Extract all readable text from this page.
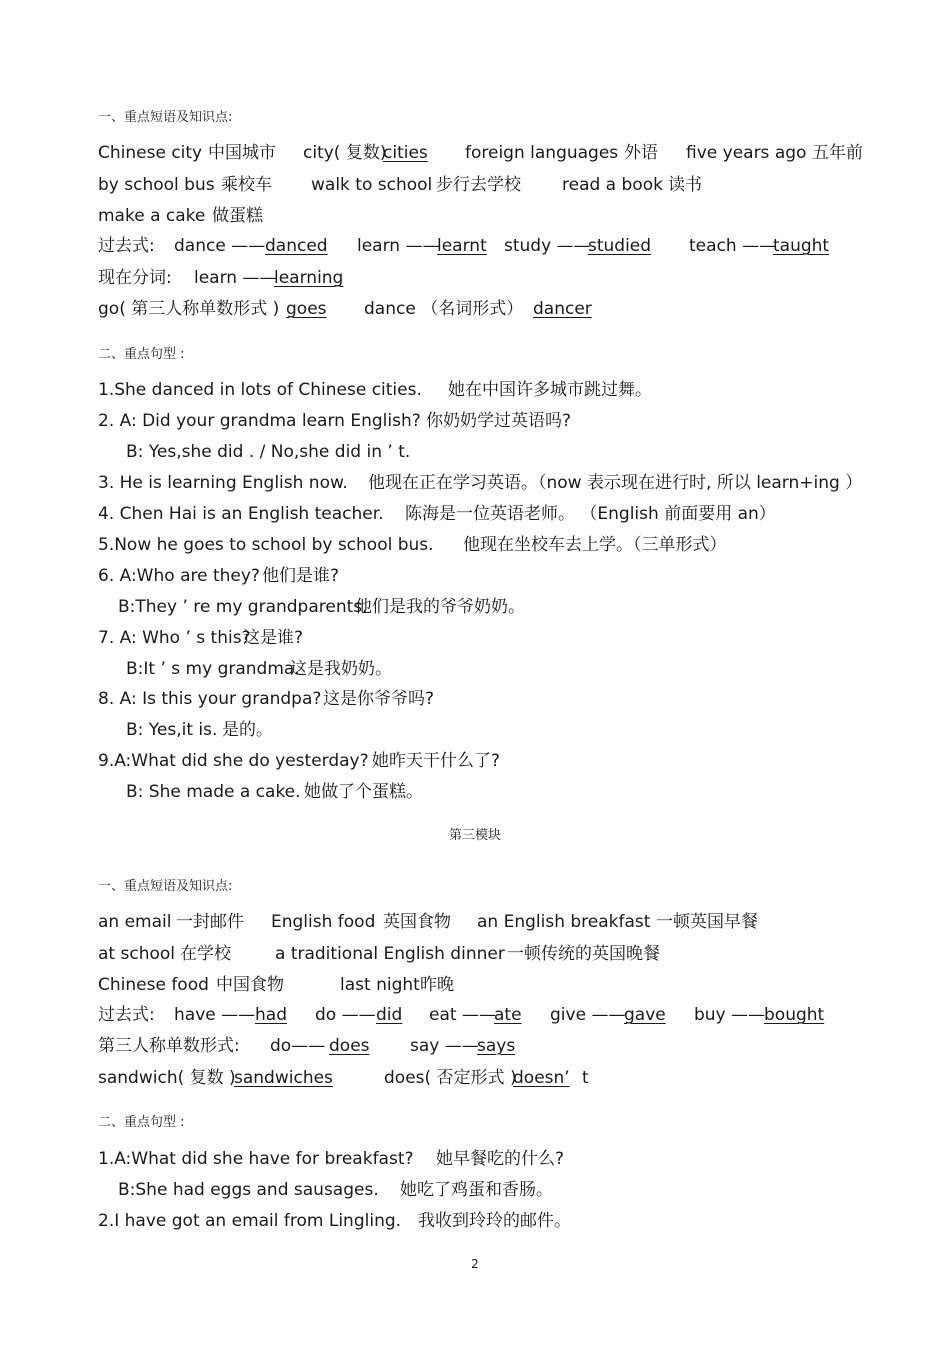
一、重点短语及知识点:
Chinese city 中国城市 city( 复数)
cities foreign languages 外语 five years ago 五年前
by school bus 乘校车 walk to school 步行去学校 read a book 读书
make a cake 做蛋糕
过去式: dance —— danced learn ——
learnt study ——
studied teach ——
taught
现在分词: learn ——
learning
go( 第三人称单数形式 ) goes dance （名词形式） dancer
二、重点句型 :
1.She danced in lots of Chinese cities. 她在中国许多城市跳过舞。
2. A: Did your grandma learn English? 你奶奶学过英语吗?
B: Yes,she did . / No,she did in ’ t.
3. He is learning English now. 他现在正在学习英语。（now 表示现在进行时, 所以 learn+ing ）
4. Chen Hai is an English teacher. 陈海是一位英语老师。 （English 前面要用 an）
5.Now he goes to school by school bus. 他现在坐校车去上学。（三单形式）
6. A:Who are they? 他们是谁?
B:They ’ re my grandparents.
他们是我的爷爷奶奶。
7. A: Who ’ s this?
这是谁?
B:It ’ s my grandma.
这是我奶奶。
8. A: Is this your grandpa? 这是你爷爷吗?
B: Yes,it is. 是的。
9.A:What did she do yesterday? 她昨天干什么了?
B: She made a cake. 她做了个蛋糕。
第三模块
一、重点短语及知识点:
an email 一封邮件 English food 英国食物 an English breakfast 一顿英国早餐
at school 在学校	a traditional English dinner 一顿传统的英国晚餐
Chinese food 中国食物	last night 昨晚
过去式: have —— had do —— did eat ——
ate give ——
gave buy ——
bought
第三人称单数形式: do—— does say ——
says
sandwich( 复数 )
sandwiches	does( 否定形式 )
doesn’ t
二、重点句型 :
1.A:What did she have for breakfast? 她早餐吃的什么?
B:She had eggs and sausages. 她吃了鸡蛋和香肠。
2.I have got an email from Lingling. 我收到玲玲的邮件。
2
